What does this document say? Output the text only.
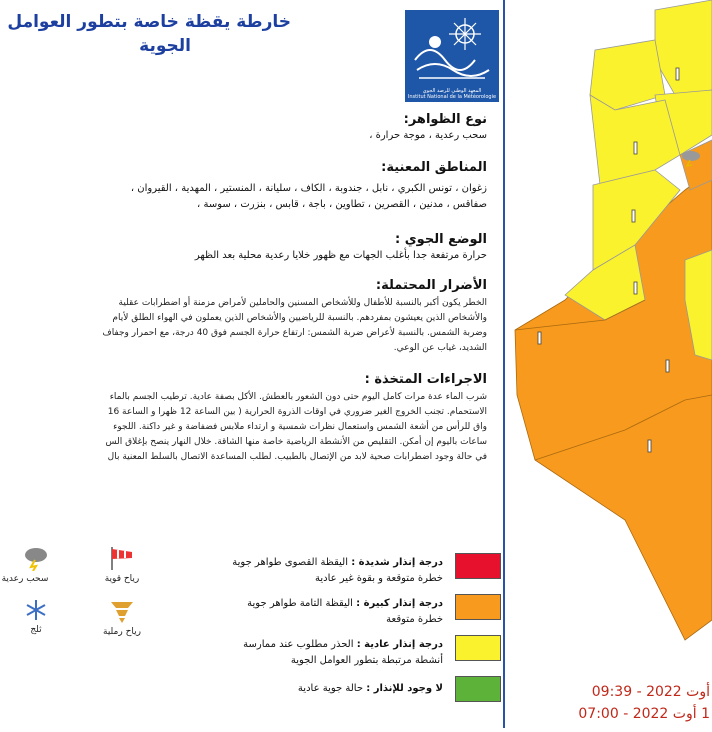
خارطة يقظة خاصة بتطور العوامل
الجوية
المعهد الوطني للرصد الجوي
Institut National de la Météorologie
نوع الظواهر:
سحب رعدية ، موجة حرارة ،
المناطق المعنية:
زغوان ، تونس الكبري ، نابل ، جندوبة ، الكاف ، سليانة ، المنستير ، المهدية ، القيروان ،
صفاقس ، مدنين ، القصرين ، تطاوين ، باجة ، قابس ، بنزرت ، سوسة ،
الوضع الجوي :
حرارة مرتفعة جدا بأغلب الجهات مع ظهور خلايا رعدية محلية بعد الظهر
الأضرار المحتملة:
الخطر يكون أكبر بالنسبة للأطفال وللأشخاص المسنين والحاملين لأمراض مزمنة أو اضطرابات عقلية
والأشخاص الذين يعيشون بمفردهم. بالنسبة للرياضيين والأشخاص الذين يعملون في الهواء الطلق لأيام
وضربة الشمس. بالنسبة لأعراض ضربة الشمس: ارتفاع حرارة الجسم فوق 40 درجة، مع احمرار وجفاف
الشديد، غياب عن الوعي.
الاجراءات المتخذة :
شرب الماء عدة مرات كامل اليوم حتى دون الشعور بالعطش. الأكل بصفة عادية. ترطيب الجسم بالماء
الاستحمام. تجنب الخروج الغير ضروري في اوقات الذروة الحرارية ( بين الساعة 12 ظهرا و الساعة 16
واق للرأس من أشعة الشمس واستعمال نظرات شمسية و ارتداء ملابس فضفاضة و غير داكنة. اللجوء
ساعات باليوم إن أمكن. التقليص من الأنشطة الرياضية خاصة منها الشاقة. خلال النهار ينصح بإغلاق الس
في حالة وجود اضطرابات صحية لابد من الإتصال بالطبيب. لطلب المساعدة الاتصال بالسلط المعنية بال
درجة إنذار شديدة : اليقظة القصوى طواهر جوية
خطرة متوقعة و بقوة غير عادية
درجة إنذار كبيرة : اليقظة التامة طواهر جوية
خطرة متوقعة
درجة إنذار عادية : الحذر مطلوب عند ممارسة
أنشطة مرتبطة بتطور العوامل الجوية
لا وجود للإنذار : حالة جوية عادية
رياح قوية
سحب رعدية
رياح رملية
ثلج
أوت 2022 - 09:39
1 أوت 2022 - 07:00
